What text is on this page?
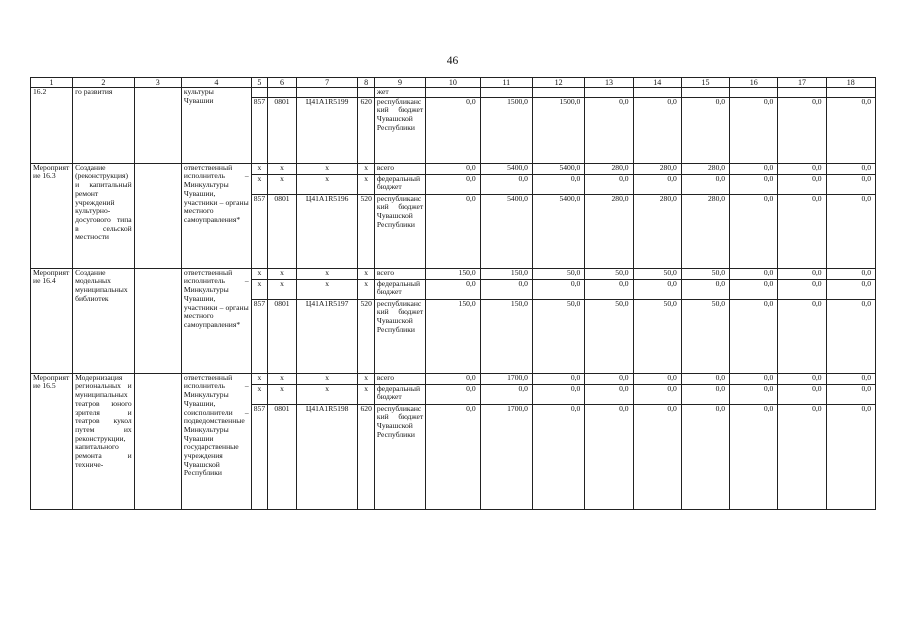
46
1	2	3	4	5	6	7	8	9	10	11	12	13	14	15	16	17	18
16.2	го развития		культуры					жет									
			Чувашии	857	0801	Ц41А1R5199	620	республиканский бюджет Чувашской Республики	0,0	1500,0	1500,0	0,0	0,0	0,0	0,0	0,0	0,0
Мероприятие 16.3	Создание (реконструкция) и капитальный ремонт учреждений культурно-досугового типа в сельской местности		ответственный исполнитель – Минкультуры Чувашии, участники – органы местного самоуправления*	x	x	x	x	всего	0,0	5400,0	5400,0	280,0	280,0	280,0	0,0	0,0	0,0
				x	x	x	x	федеральный бюджет	0,0	0,0	0,0	0,0	0,0	0,0	0,0	0,0	0,0
				857	0801	Ц41А1R5196	520	республиканский бюджет Чувашской Республики	0,0	5400,0	5400,0	280,0	280,0	280,0	0,0	0,0	0,0
Мероприятие 16.4	Создание модельных муниципальных библиотек		ответственный исполнитель – Минкультуры Чувашии, участники – органы местного самоуправления*	x	x	x	x	всего	150,0	150,0	50,0	50,0	50,0	50,0	0,0	0,0	0,0
				x	x	x	x	федеральный бюджет	0,0	0,0	0,0	0,0	0,0	0,0	0,0	0,0	0,0
				857	0801	Ц41А1R5197	520	республиканский бюджет Чувашской Республики	150,0	150,0	50,0	50,0	50,0	50,0	0,0	0,0	0,0
Мероприятие 16.5	Модернизация региональных и муниципальных театров юного зрителя и театров кукол путем их реконструкции, капитального ремонта и техниче-		ответственный исполнитель – Минкультуры Чувашии, соисполнители – подведомственные Минкультуры Чувашии государственные учреждения Чувашской Республики	x	x	x	x	всего	0,0	1700,0	0,0	0,0	0,0	0,0	0,0	0,0	0,0
				x	x	x	x	федеральный бюджет	0,0	0,0	0,0	0,0	0,0	0,0	0,0	0,0	0,0
				857	0801	Ц41А1R5198	620	республиканский бюджет Чувашской Республики	0,0	1700,0	0,0	0,0	0,0	0,0	0,0	0,0	0,0
